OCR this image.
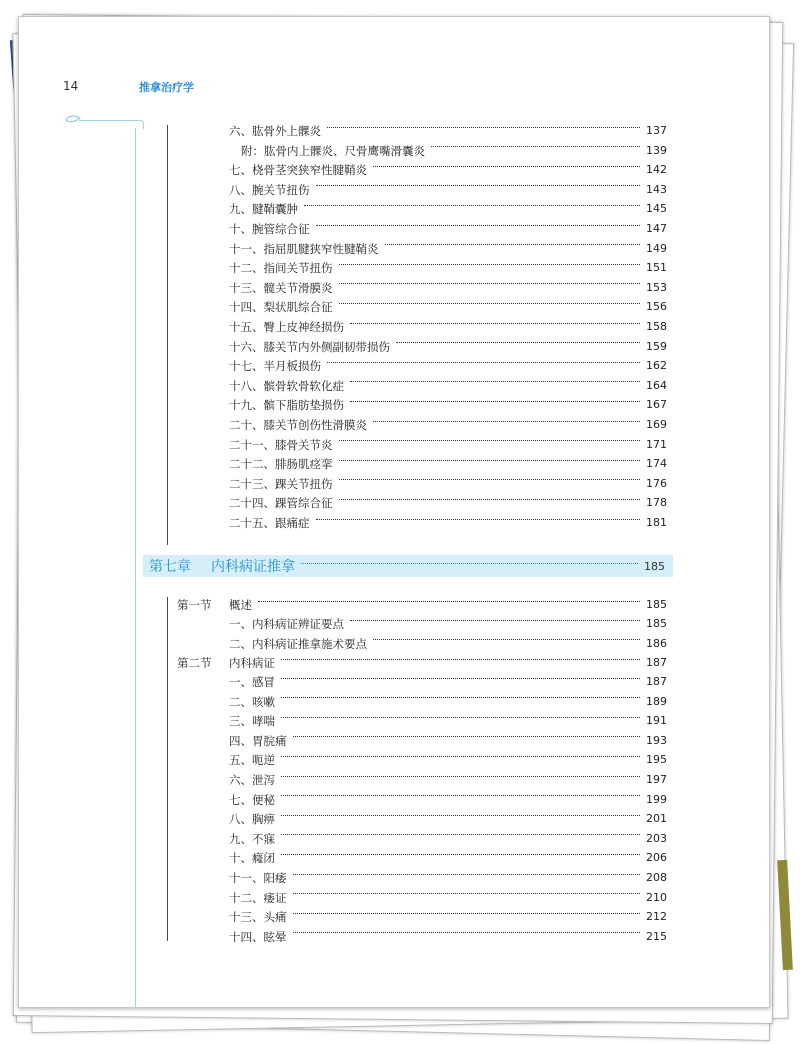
14	推拿治疗学
六、肱骨外上髁炎	137
附：肱骨内上髁炎、尺骨鹰嘴滑囊炎	139
七、桡骨茎突狭窄性腱鞘炎	142
八、腕关节扭伤	143
九、腱鞘囊肿	145
十、腕管综合征	147
十一、指屈肌腱狭窄性腱鞘炎	149
十二、指间关节扭伤	151
十三、髋关节滑膜炎	153
十四、梨状肌综合征	156
十五、臀上皮神经损伤	158
十六、膝关节内外侧副韧带损伤	159
十七、半月板损伤	162
十八、髌骨软骨软化症	164
十九、髌下脂肪垫损伤	167
二十、膝关节创伤性滑膜炎	169
二十一、膝骨关节炎	171
二十二、腓肠肌痉挛	174
二十三、踝关节扭伤	176
二十四、踝管综合征	178
二十五、跟痛症	181
第七章 内科病证推拿	185
第一节	概述	185
一、内科病证辨证要点	185
二、内科病证推拿施术要点	186
第二节	内科病证	187
一、感冒	187
二、咳嗽	189
三、哮喘	191
四、胃脘痛	193
五、呃逆	195
六、泄泻	197
七、便秘	199
八、胸痹	201
九、不寐	203
十、癃闭	206
十一、阳痿	208
十二、痿证	210
十三、头痛	212
十四、眩晕	215
